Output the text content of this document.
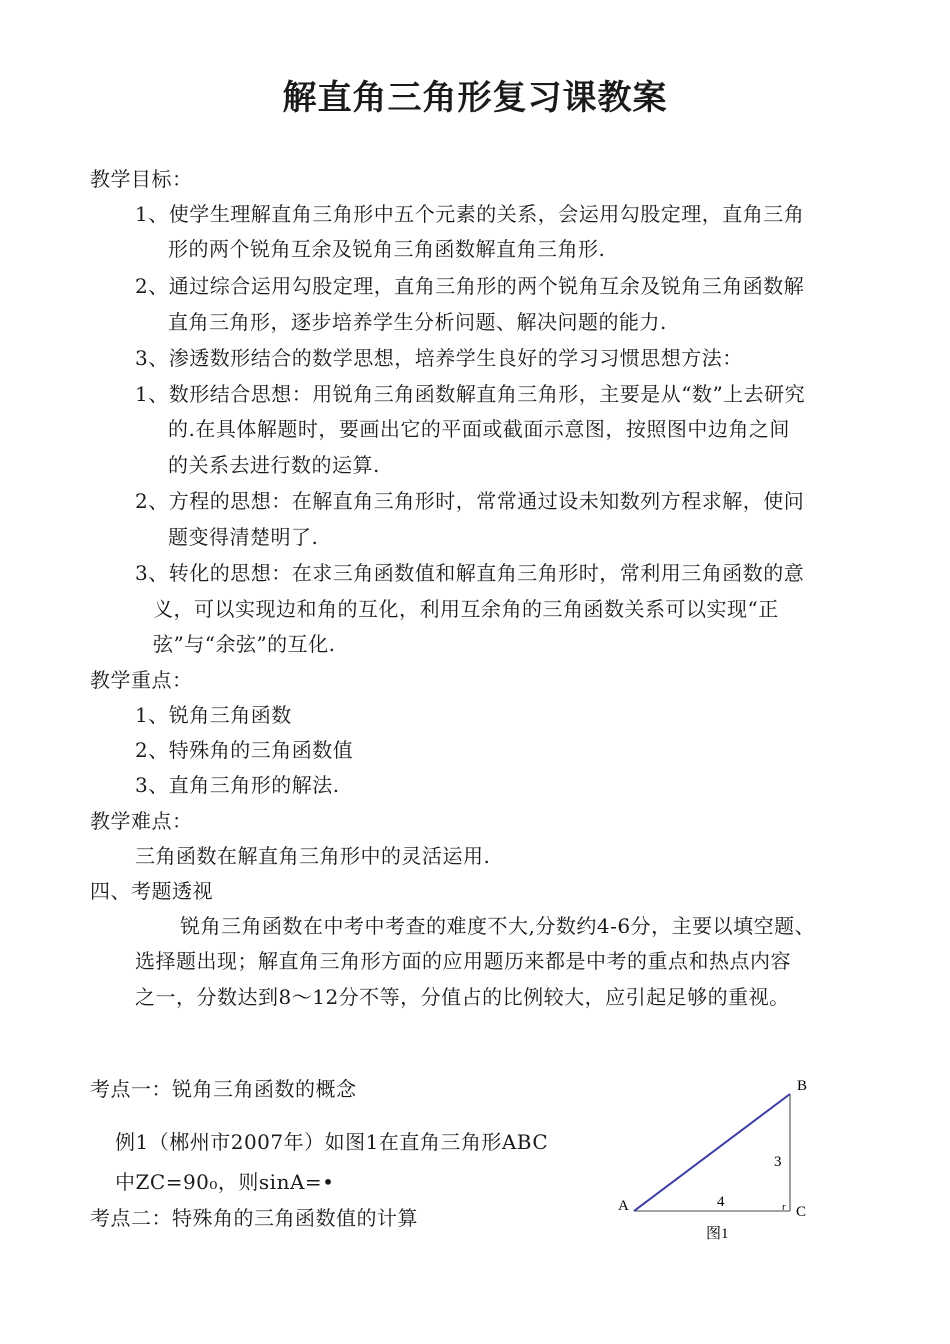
解直角三角形复习课教案
教学目标：
1、使学生理解直角三角形中五个元素的关系，会运用勾股定理，直角三角
形的两个锐角互余及锐角三角函数解直角三角形.
2、通过综合运用勾股定理，直角三角形的两个锐角互余及锐角三角函数解
直角三角形，逐步培养学生分析问题、解决问题的能力.
3、渗透数形结合的数学思想，培养学生良好的学习习惯思想方法：
1、数形结合思想：用锐角三角函数解直角三角形，主要是从“数”上去研究
的.在具体解题时，要画出它的平面或截面示意图，按照图中边角之间
的关系去进行数的运算.
2、方程的思想：在解直角三角形时，常常通过设未知数列方程求解，使问
题变得清楚明了.
3、转化的思想：在求三角函数值和解直角三角形时，常利用三角函数的意
义，可以实现边和角的互化，利用互余角的三角函数关系可以实现“正
弦”与“余弦”的互化.
教学重点：
1、锐角三角函数
2、特殊角的三角函数值
3、直角三角形的解法.
教学难点：
三角函数在解直角三角形中的灵活运用.
四、考题透视
锐角三角函数在中考中考查的难度不大,分数约4-6分，主要以填空题、
选择题出现；解直角三角形方面的应用题历来都是中考的重点和热点内容
之一，分数达到8〜12分不等，分值占的比例较大，应引起足够的重视。
考点一：锐角三角函数的概念
例1（郴州市2007年）如图1在直角三角形ABC
中ZC=90₀，则sinA=•
考点二：特殊角的三角函数值的计算
B
A	C
3
4	r
图1
